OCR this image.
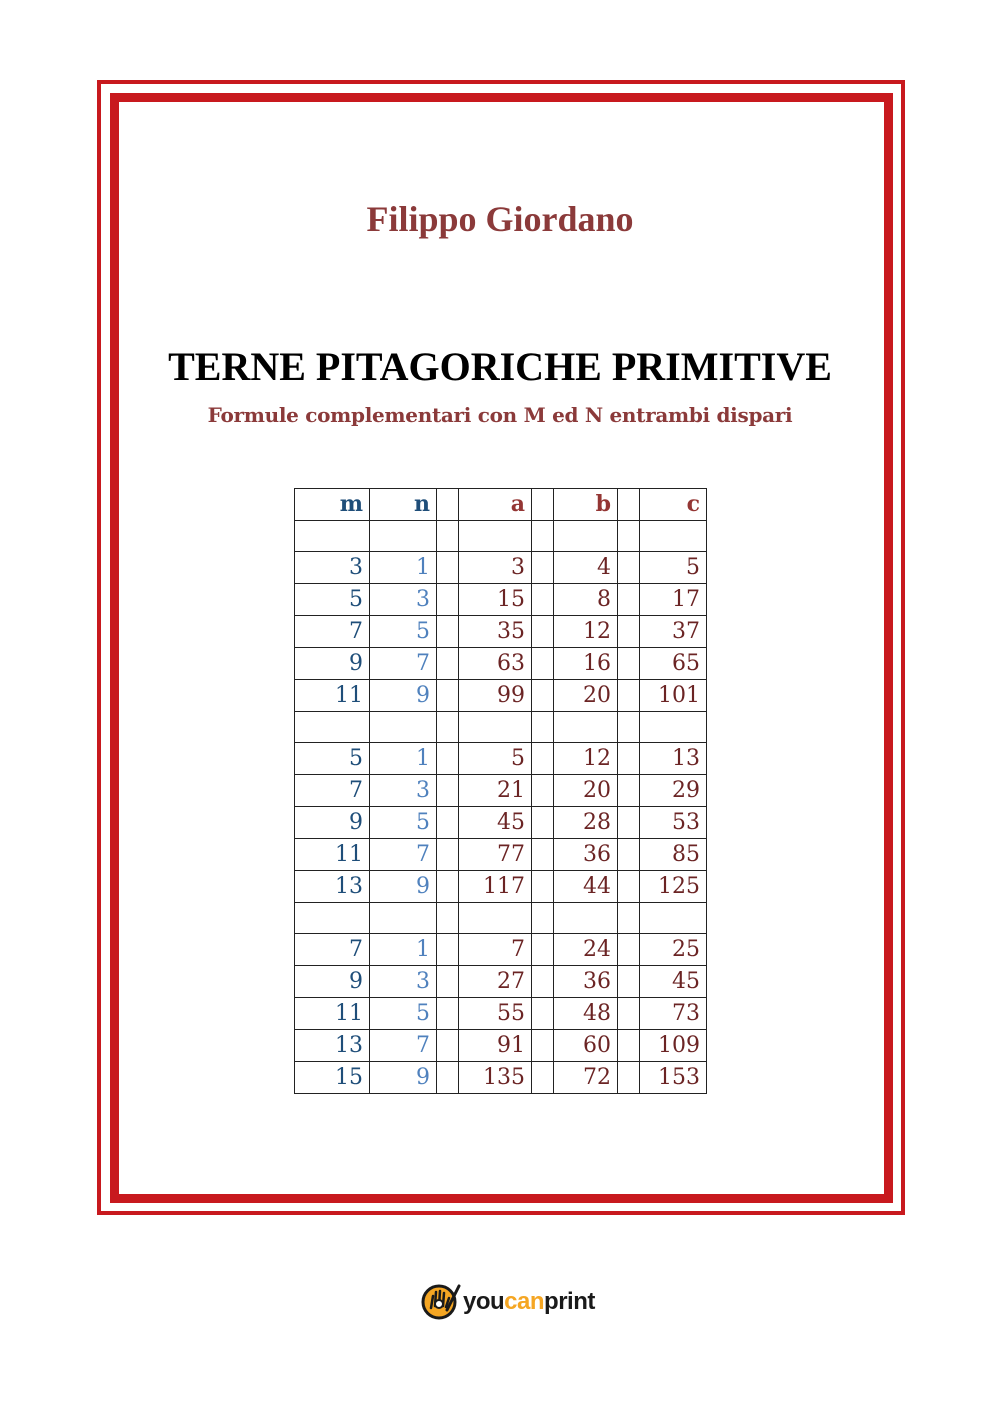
Filippo Giordano
TERNE PITAGORICHE PRIMITIVE
Formule complementari con M ed N entrambi dispari
m	n		a		b		c

3	1		3		4		5
5	3		15		8		17
7	5		35		12		37
9	7		63		16		65
11	9		99		20		101

5	1		5		12		13
7	3		21		20		29
9	5		45		28		53
11	7		77		36		85
13	9		117		44		125

7	1		7		24		25
9	3		27		36		45
11	5		55		48		73
13	7		91		60		109
15	9		135		72		153
youcanprint
